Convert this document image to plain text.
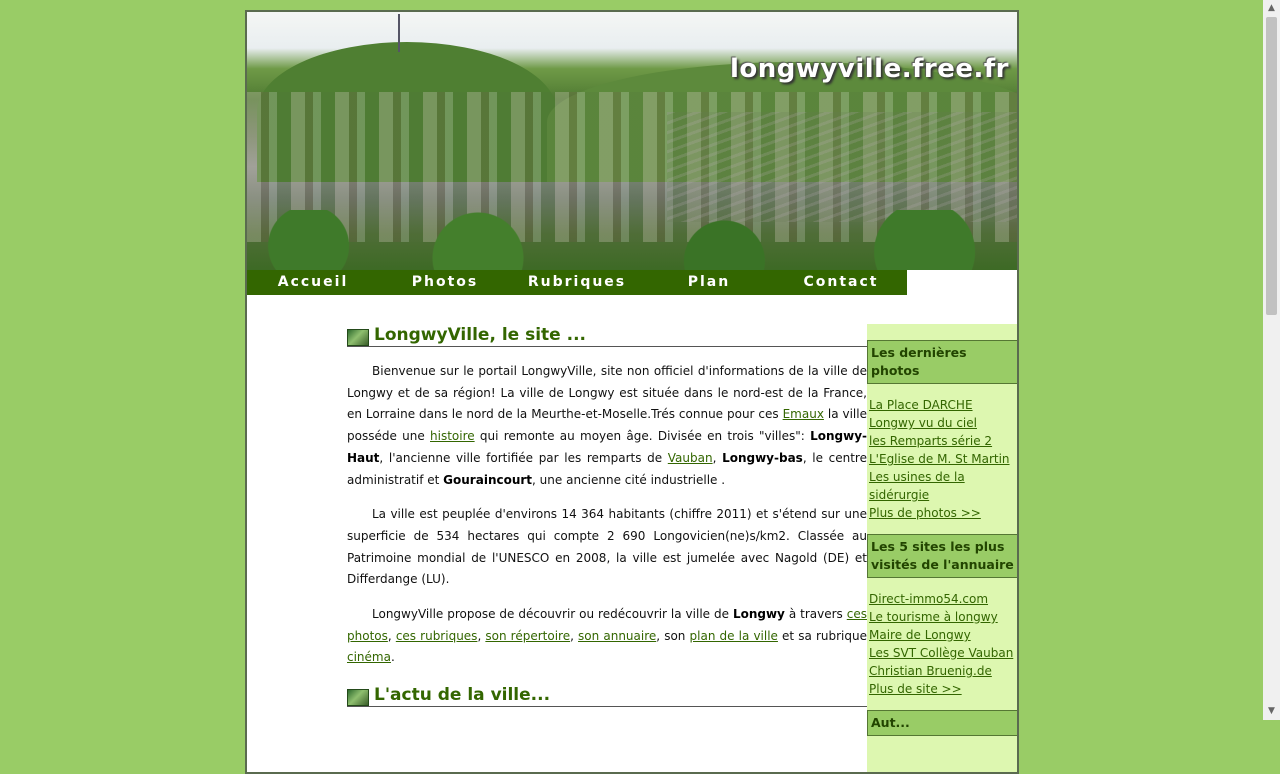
longwyville.free.fr
Accueil	Photos	Rubriques	Plan	Contact
LongwyVille, le site ...

Bienvenue sur le portail LongwyVille, site non officiel d'informations de la ville de Longwy et de sa région! La ville de Longwy est située dans le nord-est de la France, en Lorraine dans le nord de la Meurthe-et-Moselle.Trés connue pour ces Emaux la ville posséde une histoire qui remonte au moyen âge. Divisée en trois "villes": Longwy-Haut, l'ancienne ville fortifiée par les remparts de Vauban, Longwy-bas, le centre administratif et Gouraincourt, une ancienne cité industrielle .

La ville est peuplée d'environs 14 364 habitants (chiffre 2011) et s'étend sur une superficie de 534 hectares qui compte 2 690 Longovicien(ne)s/km2. Classée au Patrimoine mondial de l'UNESCO en 2008, la ville est jumelée avec Nagold (DE) et Differdange (LU).

LongwyVille propose de découvrir ou redécouvrir la ville de Longwy à travers ces photos, ces rubriques, son répertoire, son annuaire, son plan de la ville et sa rubrique cinéma.

L'actu de la ville...
Les dernières photos
La Place DARCHE
Longwy vu du ciel
les Remparts série 2
L'Eglise de M. St Martin
Les usines de la sidérurgie
Plus de photos >>
Les 5 sites les plus visités de l'annuaire
Direct-immo54.com
Le tourisme à longwy
Maire de Longwy
Les SVT Collège Vauban
Christian Bruenig.de
Plus de site >>
Aut...
▲
▼
